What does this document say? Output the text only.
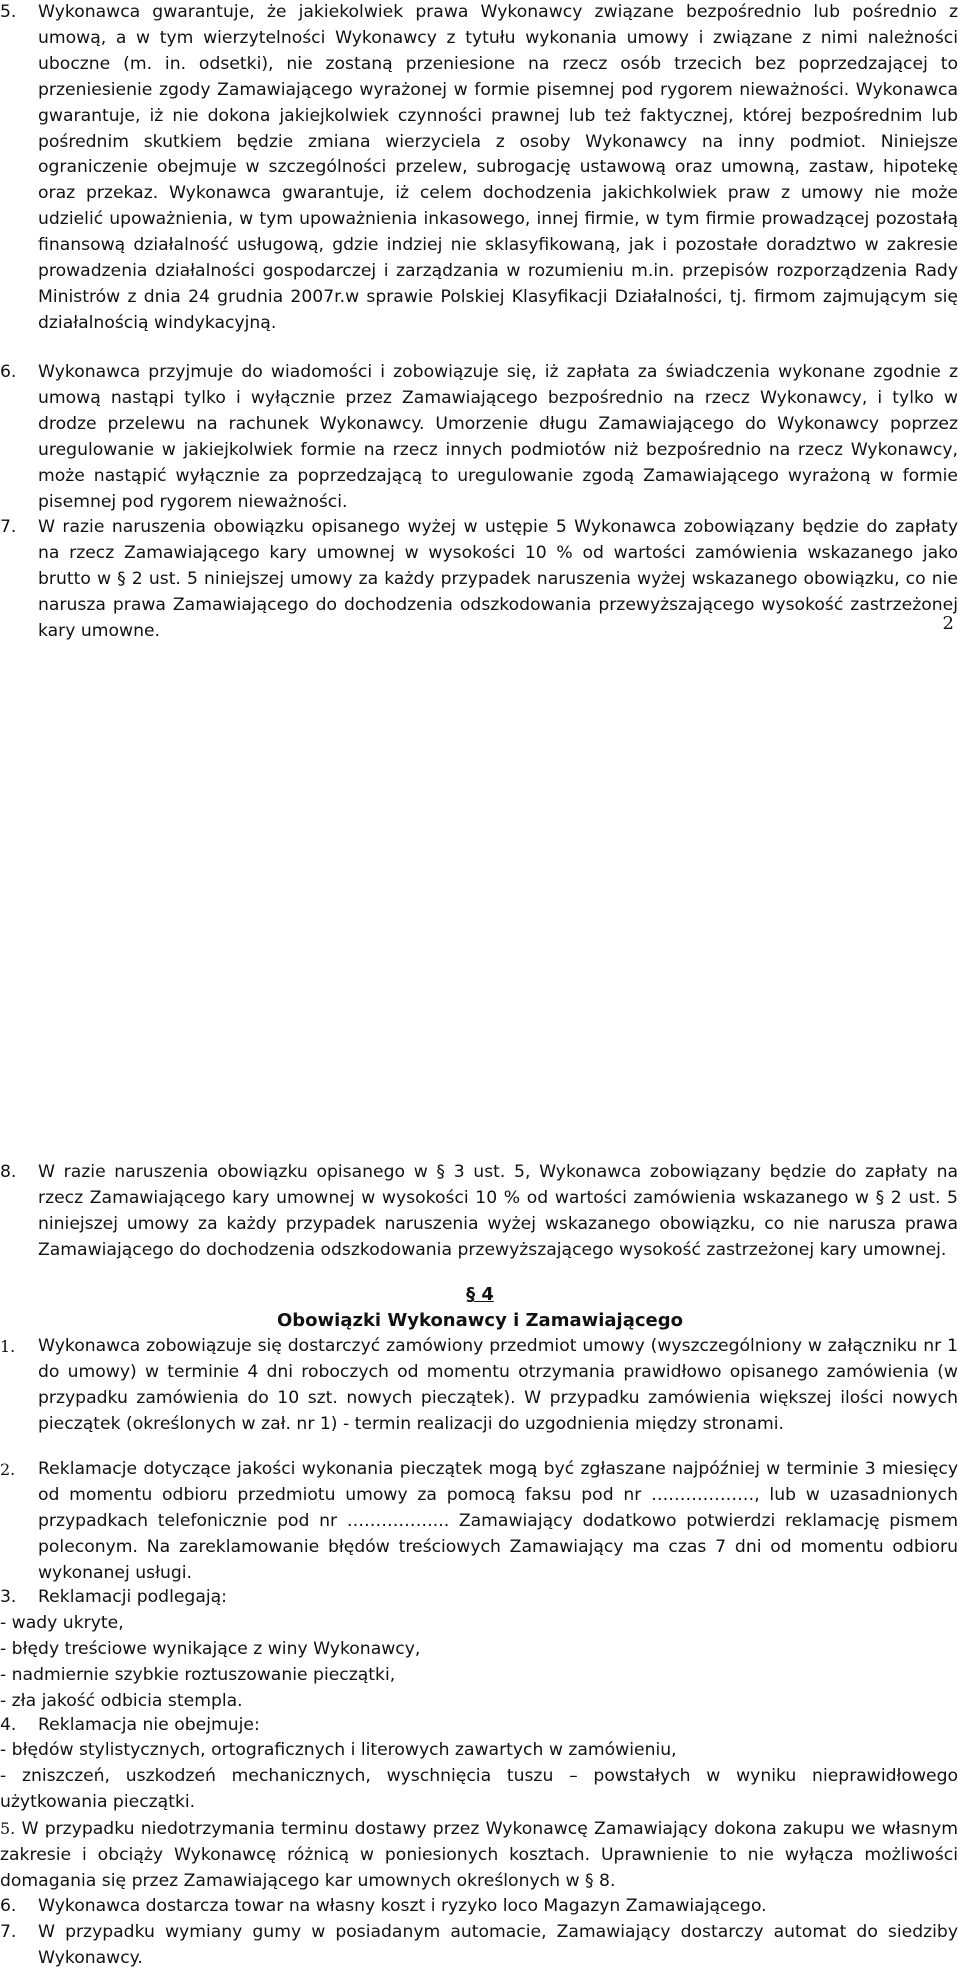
5. Wykonawca gwarantuje, że jakiekolwiek prawa Wykonawcy związane bezpośrednio lub pośrednio z umową, a w tym wierzytelności Wykonawcy z tytułu wykonania umowy i związane z nimi należności uboczne (m. in. odsetki), nie zostaną przeniesione na rzecz osób trzecich bez poprzedzającej to przeniesienie zgody Zamawiającego wyrażonej w formie pisemnej pod rygorem nieważności. Wykonawca gwarantuje, iż nie dokona jakiejkolwiek czynności prawnej lub też faktycznej, której bezpośrednim lub pośrednim skutkiem będzie zmiana wierzyciela z osoby Wykonawcy na inny podmiot. Niniejsze ograniczenie obejmuje w szczególności przelew, subrogację ustawową oraz umowną, zastaw, hipotekę oraz przekaz. Wykonawca gwarantuje, iż celem dochodzenia jakichkolwiek praw z umowy nie może udzielić upoważnienia, w tym upoważnienia inkasowego, innej firmie, w tym firmie prowadzącej pozostałą finansową działalność usługową, gdzie indziej nie sklasyfikowaną, jak i pozostałe doradztwo w zakresie prowadzenia działalności gospodarczej i zarządzania w rozumieniu m.in. przepisów rozporządzenia Rady Ministrów z dnia 24 grudnia 2007r.w sprawie Polskiej Klasyfikacji Działalności, tj. firmom zajmującym się działalnością windykacyjną.
6. Wykonawca przyjmuje do wiadomości i zobowiązuje się, iż zapłata za świadczenia wykonane zgodnie z umową nastąpi tylko i wyłącznie przez Zamawiającego bezpośrednio na rzecz Wykonawcy, i tylko w drodze przelewu na rachunek Wykonawcy. Umorzenie długu Zamawiającego do Wykonawcy poprzez uregulowanie w jakiejkolwiek formie na rzecz innych podmiotów niż bezpośrednio na rzecz Wykonawcy, może nastąpić wyłącznie za poprzedzającą to uregulowanie zgodą Zamawiającego wyrażoną w formie pisemnej pod rygorem nieważności.
7. W razie naruszenia obowiązku opisanego wyżej w ustępie 5 Wykonawca zobowiązany będzie do zapłaty na rzecz Zamawiającego kary umownej w wysokości 10 % od wartości zamówienia wskazanego jako brutto w § 2 ust. 5 niniejszej umowy za każdy przypadek naruszenia wyżej wskazanego obowiązku, co nie narusza prawa Zamawiającego do dochodzenia odszkodowania przewyższającego wysokość zastrzeżonej kary umowne.
8. W razie naruszenia obowiązku opisanego w § 3 ust. 5, Wykonawca zobowiązany będzie do zapłaty na rzecz Zamawiającego kary umownej w wysokości 10 % od wartości zamówienia wskazanego w § 2 ust. 5 niniejszej umowy za każdy przypadek naruszenia wyżej wskazanego obowiązku, co nie narusza prawa Zamawiającego do dochodzenia odszkodowania przewyższającego wysokość zastrzeżonej kary umownej.
§ 4
Obowiązki Wykonawcy i Zamawiającego
1. Wykonawca zobowiązuje się dostarczyć zamówiony przedmiot umowy (wyszczególniony w załączniku nr 1 do umowy) w terminie 4 dni roboczych od momentu otrzymania prawidłowo opisanego zamówienia (w przypadku zamówienia do 10 szt. nowych pieczątek). W przypadku zamówienia większej ilości nowych pieczątek (określonych w zał. nr 1) - termin realizacji do uzgodnienia między stronami.
2. Reklamacje dotyczące jakości wykonania pieczątek mogą być zgłaszane najpóźniej w terminie 3 miesięcy od momentu odbioru przedmiotu umowy za pomocą faksu pod nr ………………, lub w uzasadnionych przypadkach telefonicznie pod nr ……………... Zamawiający dodatkowo potwierdzi reklamację pismem poleconym. Na zareklamowanie błędów treściowych Zamawiający ma czas 7 dni od momentu odbioru wykonanej usługi.
3. Reklamacji podlegają:
- wady ukryte,
- błędy treściowe wynikające z winy Wykonawcy,
- nadmiernie szybkie roztuszowanie pieczątki,
- zła jakość odbicia stempla.
4. Reklamacja nie obejmuje:
- błędów stylistycznych, ortograficznych i literowych zawartych w zamówieniu,
- zniszczeń, uszkodzeń mechanicznych, wyschnięcia tuszu – powstałych w wyniku nieprawidłowego użytkowania pieczątki.
5. W przypadku niedotrzymania terminu dostawy przez Wykonawcę Zamawiający dokona zakupu we własnym zakresie i obciąży Wykonawcę różnicą w poniesionych kosztach. Uprawnienie to nie wyłącza możliwości domagania się przez Zamawiającego kar umownych określonych w § 8.
6. Wykonawca dostarcza towar na własny koszt i ryzyko loco Magazyn Zamawiającego.
7. W przypadku wymiany gumy w posiadanym automacie, Zamawiający dostarczy automat do siedziby Wykonawcy.
2
